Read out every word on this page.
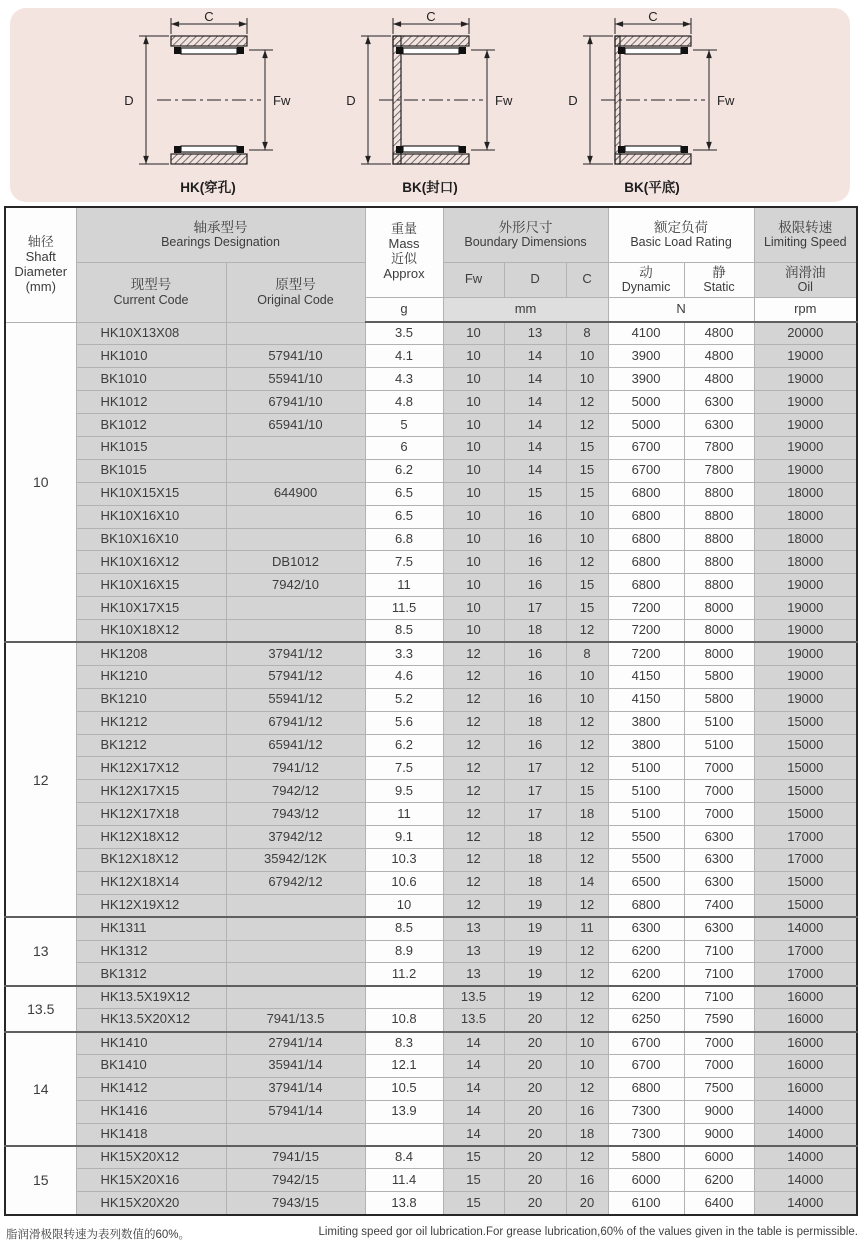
C
D	Fw
HK(穿孔)
C
D	Fw
BK(封口)
C
D	Fw
BK(平底)
轴径
Shaft
Diameter
(mm)	轴承型号
Bearings Designation		重量
Mass
近似
Approx	外形尺寸
Boundary Dimensions			额定负荷
Basic Load Rating		极限转速
Limiting Speed

	现型号
Current Code	原型号
Original Code		Fw	D	C	动
Dynamic	静
Static	润滑油
Oil

			g	mm			N		rpm
10	HK10X13X08		3.5	10	13	8	4100	4800	20000
	HK1010	57941/10	4.1	10	14	10	3900	4800	19000
	BK1010	55941/10	4.3	10	14	10	3900	4800	19000
	HK1012	67941/10	4.8	10	14	12	5000	6300	19000
	BK1012	65941/10	5	10	14	12	5000	6300	19000
	HK1015		6	10	14	15	6700	7800	19000
	BK1015		6.2	10	14	15	6700	7800	19000
	HK10X15X15	644900	6.5	10	15	15	6800	8800	18000
	HK10X16X10		6.5	10	16	10	6800	8800	18000
	BK10X16X10		6.8	10	16	10	6800	8800	18000
	HK10X16X12	DB1012	7.5	10	16	12	6800	8800	18000
	HK10X16X15	7942/10	11	10	16	15	6800	8800	19000
	HK10X17X15		11.5	10	17	15	7200	8000	19000
	HK10X18X12		8.5	10	18	12	7200	8000	19000
12	HK1208	37941/12	3.3	12	16	8	7200	8000	19000
	HK1210	57941/12	4.6	12	16	10	4150	5800	19000
	BK1210	55941/12	5.2	12	16	10	4150	5800	19000
	HK1212	67941/12	5.6	12	18	12	3800	5100	15000
	BK1212	65941/12	6.2	12	16	12	3800	5100	15000
	HK12X17X12	7941/12	7.5	12	17	12	5100	7000	15000
	HK12X17X15	7942/12	9.5	12	17	15	5100	7000	15000
	HK12X17X18	7943/12	11	12	17	18	5100	7000	15000
	HK12X18X12	37942/12	9.1	12	18	12	5500	6300	17000
	BK12X18X12	35942/12K	10.3	12	18	12	5500	6300	17000
	HK12X18X14	67942/12	10.6	12	18	14	6500	6300	15000
	HK12X19X12		10	12	19	12	6800	7400	15000
13	HK1311		8.5	13	19	11	6300	6300	14000
	HK1312		8.9	13	19	12	6200	7100	17000
	BK1312		11.2	13	19	12	6200	7100	17000
13.5	HK13.5X19X12			13.5	19	12	6200	7100	16000
	HK13.5X20X12	7941/13.5	10.8	13.5	20	12	6250	7590	16000
14	HK1410	27941/14	8.3	14	20	10	6700	7000	16000
	BK1410	35941/14	12.1	14	20	10	6700	7000	16000
	HK1412	37941/14	10.5	14	20	12	6800	7500	16000
	HK1416	57941/14	13.9	14	20	16	7300	9000	14000
	HK1418			14	20	18	7300	9000	14000
15	HK15X20X12	7941/15	8.4	15	20	12	5800	6000	14000
	HK15X20X16	7942/15	11.4	15	20	16	6000	6200	14000
	HK15X20X20	7943/15	13.8	15	20	20	6100	6400	14000
脂润滑极限转速为表列数值的60%。	Limiting speed gor oil lubrication.For grease lubrication,60% of the values given in the table is permissible.
